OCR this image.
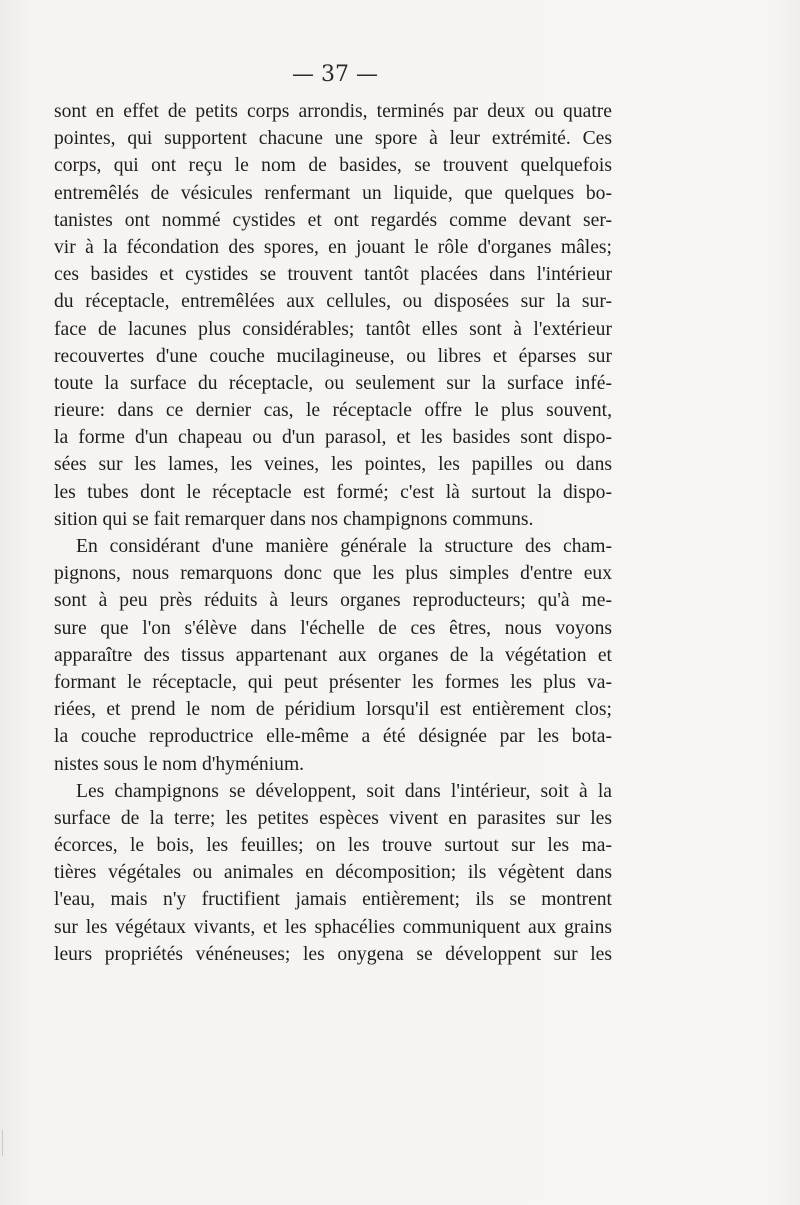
— 37 —
sont en effet de petits corps arrondis, terminés par deux ou quatre
pointes, qui supportent chacune une spore à leur extrémité. Ces
corps, qui ont reçu le nom de basides, se trouvent quelquefois
entremêlés de vésicules renfermant un liquide, que quelques bo-
tanistes ont nommé cystides et ont regardés comme devant ser-
vir à la fécondation des spores, en jouant le rôle d'organes mâles;
ces basides et cystides se trouvent tantôt placées dans l'intérieur
du réceptacle, entremêlées aux cellules, ou disposées sur la sur-
face de lacunes plus considérables; tantôt elles sont à l'extérieur
recouvertes d'une couche mucilagineuse, ou libres et éparses sur
toute la surface du réceptacle, ou seulement sur la surface infé-
rieure: dans ce dernier cas, le réceptacle offre le plus souvent,
la forme d'un chapeau ou d'un parasol, et les basides sont dispo-
sées sur les lames, les veines, les pointes, les papilles ou dans
les tubes dont le réceptacle est formé; c'est là surtout la dispo-
sition qui se fait remarquer dans nos champignons communs.
En considérant d'une manière générale la structure des cham-
pignons, nous remarquons donc que les plus simples d'entre eux
sont à peu près réduits à leurs organes reproducteurs; qu'à me-
sure que l'on s'élève dans l'échelle de ces êtres, nous voyons
apparaître des tissus appartenant aux organes de la végétation et
formant le réceptacle, qui peut présenter les formes les plus va-
riées, et prend le nom de péridium lorsqu'il est entièrement clos;
la couche reproductrice elle-même a été désignée par les bota-
nistes sous le nom d'hyménium.
Les champignons se développent, soit dans l'intérieur, soit à la
surface de la terre; les petites espèces vivent en parasites sur les
écorces, le bois, les feuilles; on les trouve surtout sur les ma-
tières végétales ou animales en décomposition; ils végètent dans
l'eau, mais n'y fructifient jamais entièrement; ils se montrent
sur les végétaux vivants, et les sphacélies communiquent aux grains
leurs propriétés vénéneuses; les onygena se développent sur les
